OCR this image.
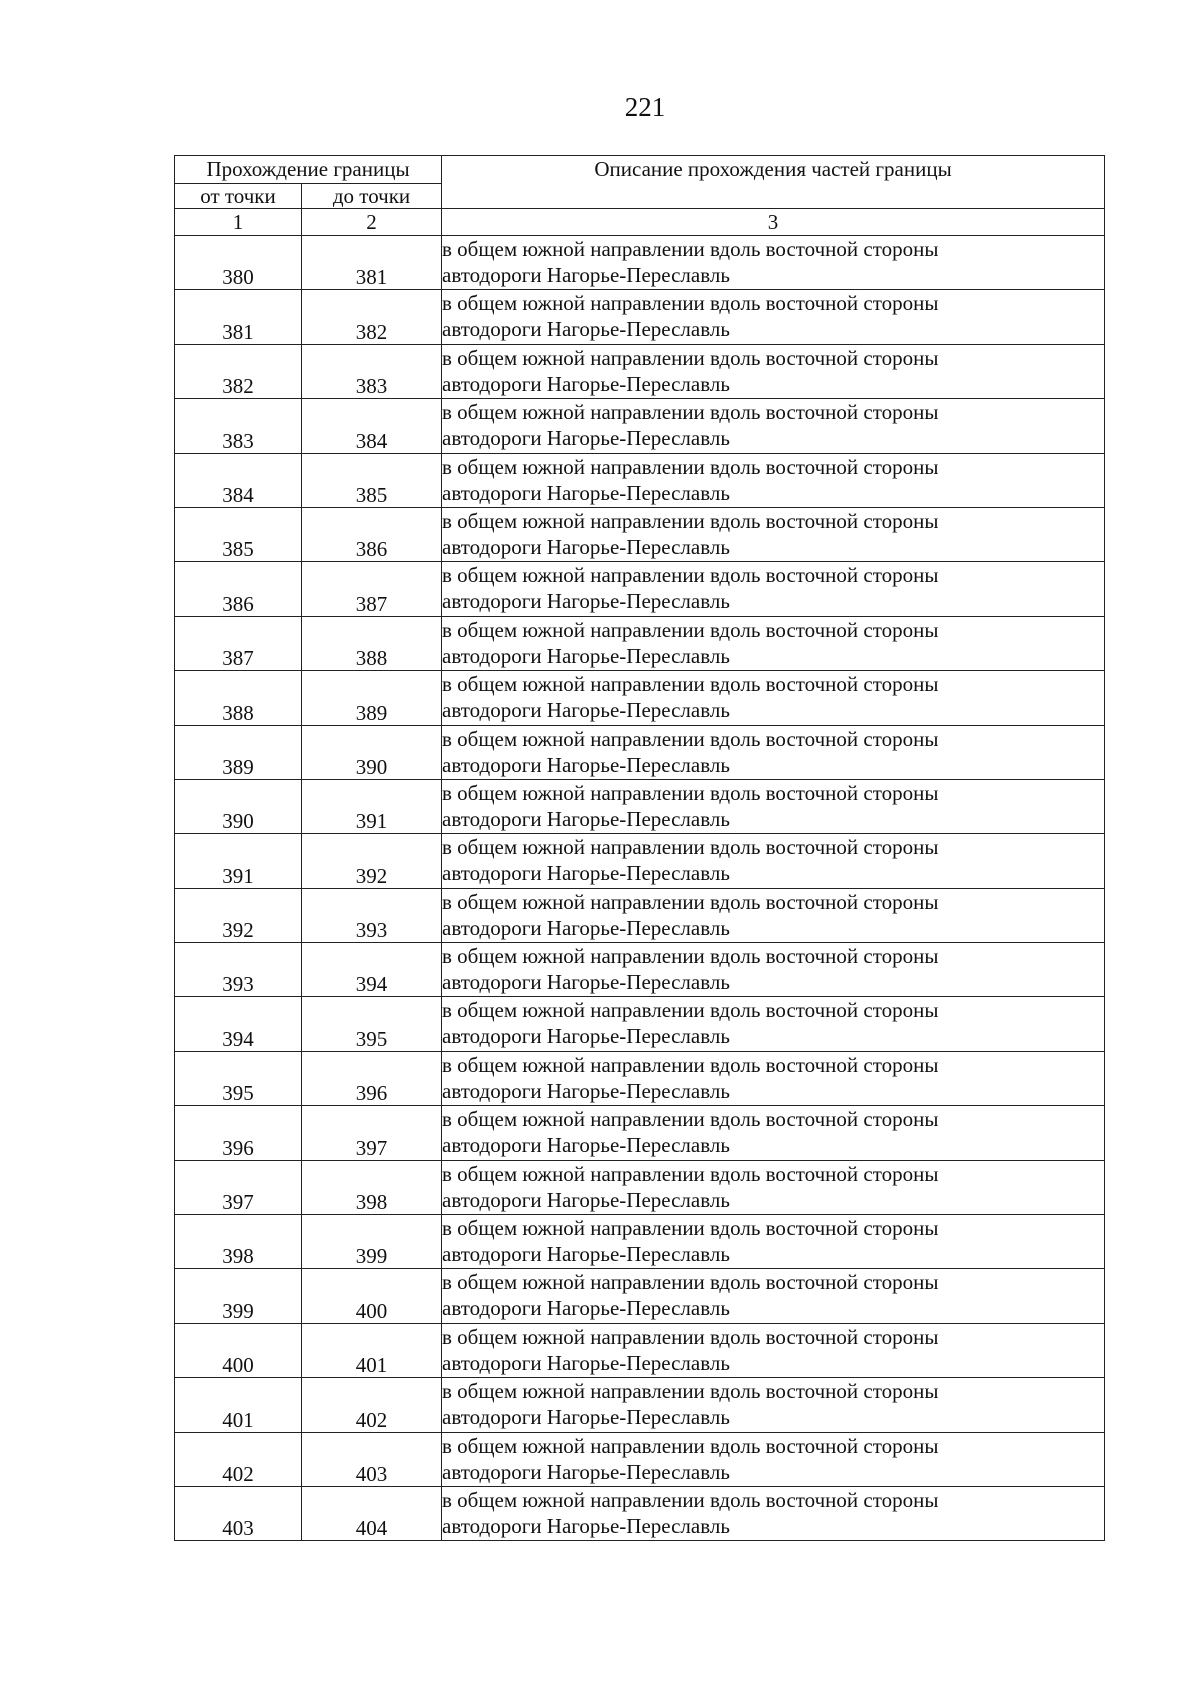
221
Прохождение границы		Описание прохождения частей границы
от точки	до точки	
1	2	3
380	381	в общем южной направлении вдоль восточной стороны
автодороги Нагорье-Переславль

381	382	в общем южной направлении вдоль восточной стороны
автодороги Нагорье-Переславль

382	383	в общем южной направлении вдоль восточной стороны
автодороги Нагорье-Переславль

383	384	в общем южной направлении вдоль восточной стороны
автодороги Нагорье-Переславль

384	385	в общем южной направлении вдоль восточной стороны
автодороги Нагорье-Переславль

385	386	в общем южной направлении вдоль восточной стороны
автодороги Нагорье-Переславль

386	387	в общем южной направлении вдоль восточной стороны
автодороги Нагорье-Переславль

387	388	в общем южной направлении вдоль восточной стороны
автодороги Нагорье-Переславль

388	389	в общем южной направлении вдоль восточной стороны
автодороги Нагорье-Переславль

389	390	в общем южной направлении вдоль восточной стороны
автодороги Нагорье-Переславль

390	391	в общем южной направлении вдоль восточной стороны
автодороги Нагорье-Переславль

391	392	в общем южной направлении вдоль восточной стороны
автодороги Нагорье-Переславль

392	393	в общем южной направлении вдоль восточной стороны
автодороги Нагорье-Переславль

393	394	в общем южной направлении вдоль восточной стороны
автодороги Нагорье-Переславль

394	395	в общем южной направлении вдоль восточной стороны
автодороги Нагорье-Переславль

395	396	в общем южной направлении вдоль восточной стороны
автодороги Нагорье-Переславль

396	397	в общем южной направлении вдоль восточной стороны
автодороги Нагорье-Переславль

397	398	в общем южной направлении вдоль восточной стороны
автодороги Нагорье-Переславль

398	399	в общем южной направлении вдоль восточной стороны
автодороги Нагорье-Переславль

399	400	в общем южной направлении вдоль восточной стороны
автодороги Нагорье-Переславль

400	401	в общем южной направлении вдоль восточной стороны
автодороги Нагорье-Переславль

401	402	в общем южной направлении вдоль восточной стороны
автодороги Нагорье-Переславль

402	403	в общем южной направлении вдоль восточной стороны
автодороги Нагорье-Переславль

403	404	в общем южной направлении вдоль восточной стороны
автодороги Нагорье-Переславль
